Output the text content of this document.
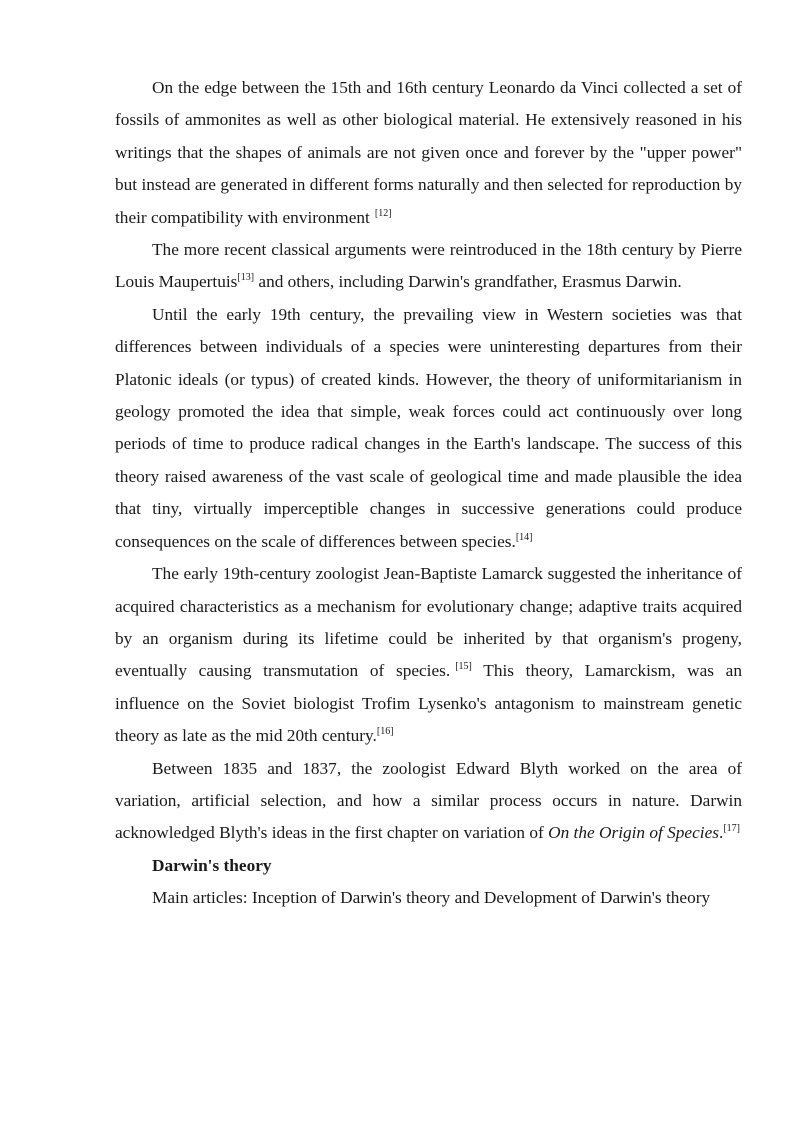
On the edge between the 15th and 16th century Leonardo da Vinci collected a set of fossils of ammonites as well as other biological material. He extensively reasoned in his writings that the shapes of animals are not given once and forever by the "upper power" but instead are generated in different forms naturally and then selected for reproduction by their compatibility with environment [12]

The more recent classical arguments were reintroduced in the 18th century by Pierre Louis Maupertuis[13] and others, including Darwin's grandfather, Erasmus Darwin.

Until the early 19th century, the prevailing view in Western societies was that differences between individuals of a species were uninteresting departures from their Platonic ideals (or typus) of created kinds. However, the theory of uniformitarianism in geology promoted the idea that simple, weak forces could act continuously over long periods of time to produce radical changes in the Earth's landscape. The success of this theory raised awareness of the vast scale of geological time and made plausible the idea that tiny, virtually imperceptible changes in successive generations could produce consequences on the scale of differences between species.[14]

The early 19th-century zoologist Jean-Baptiste Lamarck suggested the inheritance of acquired characteristics as a mechanism for evolutionary change; adaptive traits acquired by an organism during its lifetime could be inherited by that organism's progeny, eventually causing transmutation of species. [15] This theory, Lamarckism, was an influence on the Soviet biologist Trofim Lysenko's antagonism to mainstream genetic theory as late as the mid 20th century.[16]

Between 1835 and 1837, the zoologist Edward Blyth worked on the area of variation, artificial selection, and how a similar process occurs in nature. Darwin acknowledged Blyth's ideas in the first chapter on variation of On the Origin of Species.[17]

Darwin's theory

Main articles: Inception of Darwin's theory and Development of Darwin's theory
